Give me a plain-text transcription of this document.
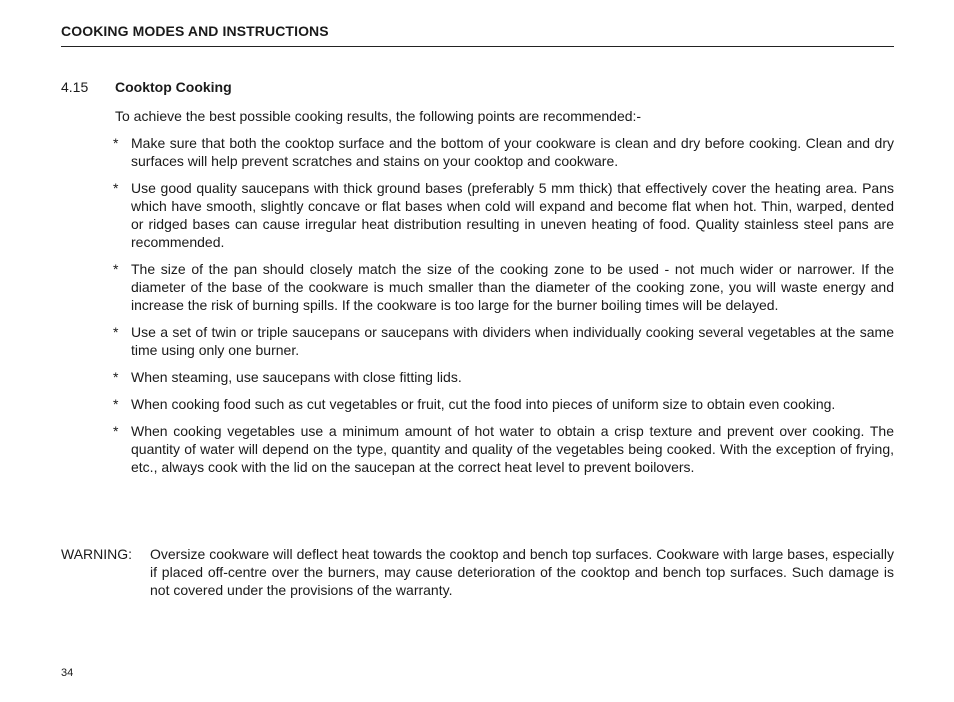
COOKING MODES AND INSTRUCTIONS
4.15 Cooktop Cooking
To achieve the best possible cooking results, the following points are recommended:-
* Make sure that both the cooktop surface and the bottom of your cookware is clean and dry before cooking. Clean and dry surfaces will help prevent scratches and stains on your cooktop and cookware.
* Use good quality saucepans with thick ground bases (preferably 5 mm thick) that effectively cover the heating area. Pans which have smooth, slightly concave or flat bases when cold will expand and become flat when hot. Thin, warped, dented or ridged bases can cause irregular heat distribution resulting in uneven heating of food. Quality stainless steel pans are recommended.
* The size of the pan should closely match the size of the cooking zone to be used - not much wider or narrower. If the diameter of the base of the cookware is much smaller than the diameter of the cooking zone, you will waste energy and increase the risk of burning spills. If the cookware is too large for the burner boiling times will be delayed.
* Use a set of twin or triple saucepans or saucepans with dividers when individually cooking several vegetables at the same time using only one burner.
* When steaming, use saucepans with close fitting lids.
* When cooking food such as cut vegetables or fruit, cut the food into pieces of uniform size to obtain even cooking.
* When cooking vegetables use a minimum amount of hot water to obtain a crisp texture and prevent over cooking. The quantity of water will depend on the type, quantity and quality of the vegetables being cooked. With the exception of frying, etc., always cook with the lid on the saucepan at the correct heat level to prevent boilovers.
WARNING:	Oversize cookware will deflect heat towards the cooktop and bench top surfaces. Cookware with large bases, especially if placed off-centre over the burners, may cause deterioration of the cooktop and bench top surfaces. Such damage is not covered under the provisions of the warranty.
34
